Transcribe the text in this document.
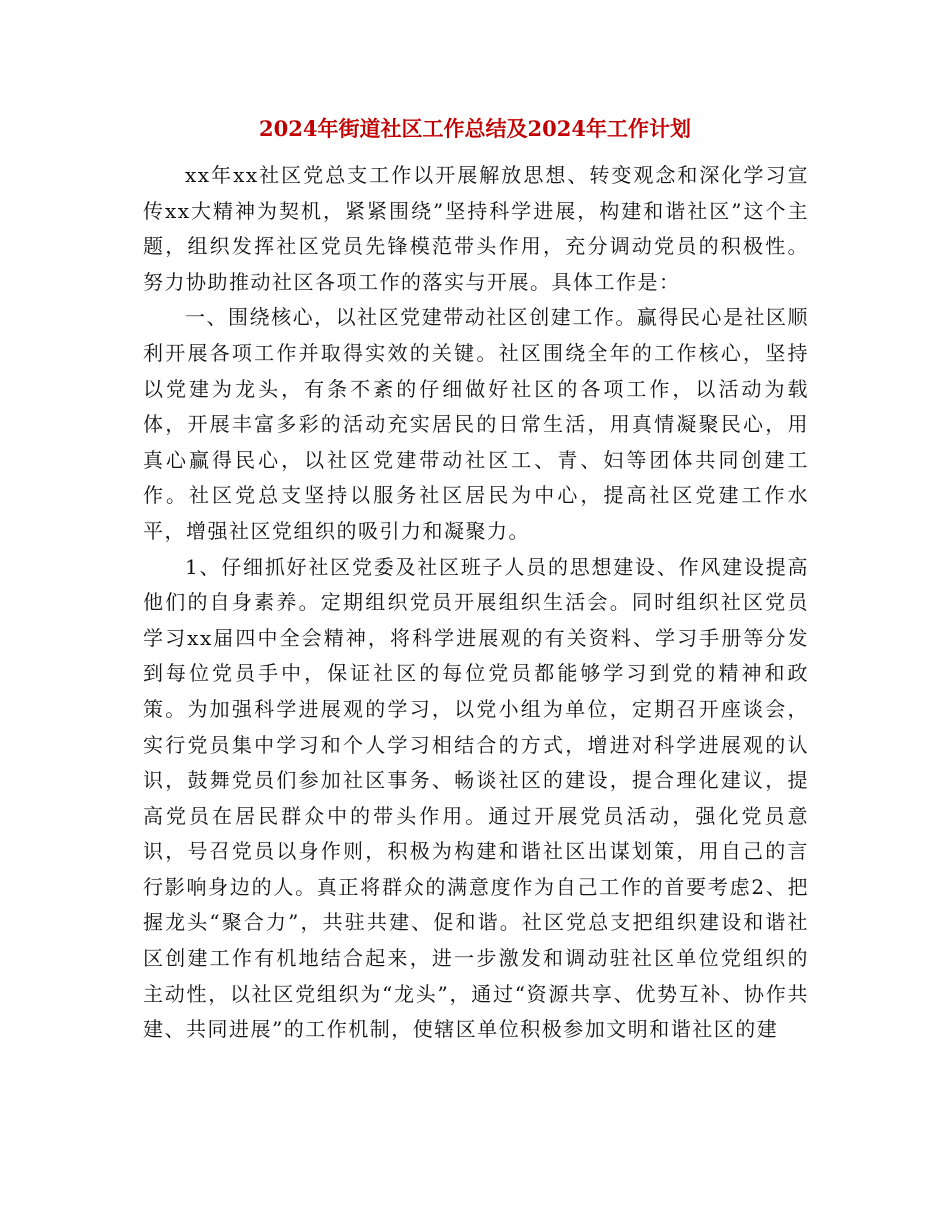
2024年街道社区工作总结及2024年工作计划

xx年xx社区党总支工作以开展解放思想、转变观念和深化学习宣传xx大精神为契机，紧紧围绕”坚持科学进展，构建和谐社区”这个主题，组织发挥社区党员先锋模范带头作用，充分调动党员的积极性。努力协助推动社区各项工作的落实与开展。具体工作是：

一、围绕核心，以社区党建带动社区创建工作。赢得民心是社区顺利开展各项工作并取得实效的关键。社区围绕全年的工作核心，坚持以党建为龙头，有条不紊的仔细做好社区的各项工作，以活动为载体，开展丰富多彩的活动充实居民的日常生活，用真情凝聚民心，用真心赢得民心，以社区党建带动社区工、青、妇等团体共同创建工作。社区党总支坚持以服务社区居民为中心，提高社区党建工作水平，增强社区党组织的吸引力和凝聚力。

1、仔细抓好社区党委及社区班子人员的思想建设、作风建设提高他们的自身素养。定期组织党员开展组织生活会。同时组织社区党员学习xx届四中全会精神，将科学进展观的有关资料、学习手册等分发到每位党员手中，保证社区的每位党员都能够学习到党的精神和政策。为加强科学进展观的学习，以党小组为单位，定期召开座谈会，实行党员集中学习和个人学习相结合的方式，增进对科学进展观的认识，鼓舞党员们参加社区事务、畅谈社区的建设，提合理化建议，提高党员在居民群众中的带头作用。通过开展党员活动，强化党员意识，号召党员以身作则，积极为构建和谐社区出谋划策，用自己的言行影响身边的人。真正将群众的满意度作为自己工作的首要考虑2、把握龙头“聚合力”，共驻共建、促和谐。社区党总支把组织建设和谐社区创建工作有机地结合起来，进一步激发和调动驻社区单位党组织的主动性，以社区党组织为“龙头”，通过“资源共享、优势互补、协作共建、共同进展”的工作机制，使辖区单位积极参加文明和谐社区的建
